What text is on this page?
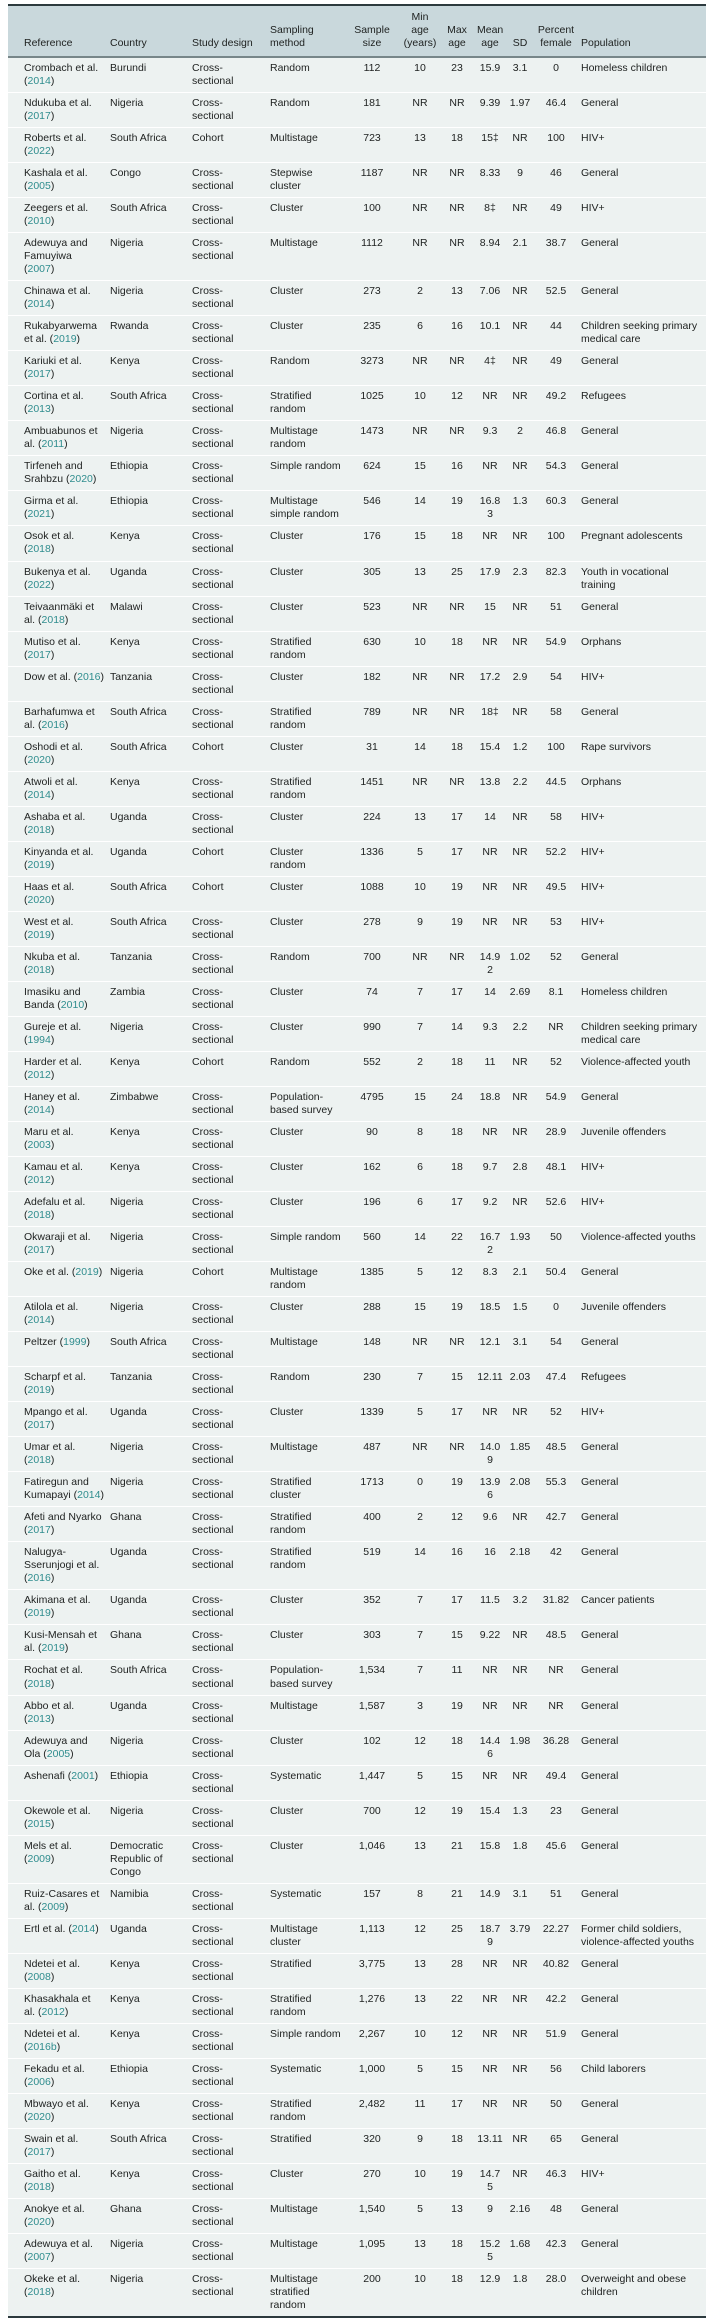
Reference	Country	Study design	Sampling method	Sample size	Min age (years)	Max age	Mean age	SD	Percent female	Population
Crombach et al. (2014)	Burundi	Cross-sectional	Random	112	10	23	15.9	3.1	0	Homeless children
Ndukuba et al. (2017)	Nigeria	Cross-sectional	Random	181	NR	NR	9.39	1.97	46.4	General
Roberts et al. (2022)	South Africa	Cohort	Multistage	723	13	18	15‡	NR	100	HIV+
Kashala et al. (2005)	Congo	Cross-sectional	Stepwise cluster	1187	NR	NR	8.33	9	46	General
Zeegers et al. (2010)	South Africa	Cross-sectional	Cluster	100	NR	NR	8‡	NR	49	HIV+
Adewuya and Famuyiwa (2007)	Nigeria	Cross-sectional	Multistage	1112	NR	NR	8.94	2.1	38.7	General
Chinawa et al. (2014)	Nigeria	Cross-sectional	Cluster	273	2	13	7.06	NR	52.5	General
Rukabyarwema et al. (2019)	Rwanda	Cross-sectional	Cluster	235	6	16	10.1	NR	44	Children seeking primary medical care
Kariuki et al. (2017)	Kenya	Cross-sectional	Random	3273	NR	NR	4‡	NR	49	General
Cortina et al. (2013)	South Africa	Cross-sectional	Stratified random	1025	10	12	NR	NR	49.2	Refugees
Ambuabunos et al. (2011)	Nigeria	Cross-sectional	Multistage random	1473	NR	NR	9.3	2	46.8	General
Tirfeneh and Srahbzu (2020)	Ethiopia	Cross-sectional	Simple random	624	15	16	NR	NR	54.3	General
Girma et al. (2021)	Ethiopia	Cross-sectional	Multistage simple random	546	14	19	16.83	1.3	60.3	General
Osok et al. (2018)	Kenya	Cross-sectional	Cluster	176	15	18	NR	NR	100	Pregnant adolescents
Bukenya et al. (2022)	Uganda	Cross-sectional	Cluster	305	13	25	17.9	2.3	82.3	Youth in vocational training
Teivaanmäki et al. (2018)	Malawi	Cross-sectional	Cluster	523	NR	NR	15	NR	51	General
Mutiso et al. (2017)	Kenya	Cross-sectional	Stratified random	630	10	18	NR	NR	54.9	Orphans
Dow et al. (2016)	Tanzania	Cross-sectional	Cluster	182	NR	NR	17.2	2.9	54	HIV+
Barhafumwa et al. (2016)	South Africa	Cross-sectional	Stratified random	789	NR	NR	18‡	NR	58	General
Oshodi et al. (2020)	South Africa	Cohort	Cluster	31	14	18	15.4	1.2	100	Rape survivors
Atwoli et al. (2014)	Kenya	Cross-sectional	Stratified random	1451	NR	NR	13.8	2.2	44.5	Orphans
Ashaba et al. (2018)	Uganda	Cross-sectional	Cluster	224	13	17	14	NR	58	HIV+
Kinyanda et al. (2019)	Uganda	Cohort	Cluster random	1336	5	17	NR	NR	52.2	HIV+
Haas et al. (2020)	South Africa	Cohort	Cluster	1088	10	19	NR	NR	49.5	HIV+
West et al. (2019)	South Africa	Cross-sectional	Cluster	278	9	19	NR	NR	53	HIV+
Nkuba et al. (2018)	Tanzania	Cross-sectional	Random	700	NR	NR	14.92	1.02	52	General
Imasiku and Banda (2010)	Zambia	Cross-sectional	Cluster	74	7	17	14	2.69	8.1	Homeless children
Gureje et al. (1994)	Nigeria	Cross-sectional	Cluster	990	7	14	9.3	2.2	NR	Children seeking primary medical care
Harder et al. (2012)	Kenya	Cohort	Random	552	2	18	11	NR	52	Violence-affected youth
Haney et al. (2014)	Zimbabwe	Cross-sectional	Population-based survey	4795	15	24	18.8	NR	54.9	General
Maru et al. (2003)	Kenya	Cross-sectional	Cluster	90	8	18	NR	NR	28.9	Juvenile offenders
Kamau et al. (2012)	Kenya	Cross-sectional	Cluster	162	6	18	9.7	2.8	48.1	HIV+
Adefalu et al. (2018)	Nigeria	Cross-sectional	Cluster	196	6	17	9.2	NR	52.6	HIV+
Okwaraji et al. (2017)	Nigeria	Cross-sectional	Simple random	560	14	22	16.72	1.93	50	Violence-affected youths
Oke et al. (2019)	Nigeria	Cohort	Multistage random	1385	5	12	8.3	2.1	50.4	General
Atilola et al. (2014)	Nigeria	Cross-sectional	Cluster	288	15	19	18.5	1.5	0	Juvenile offenders
Peltzer (1999)	South Africa	Cross-sectional	Multistage	148	NR	NR	12.1	3.1	54	General
Scharpf et al. (2019)	Tanzania	Cross-sectional	Random	230	7	15	12.11	2.03	47.4	Refugees
Mpango et al. (2017)	Uganda	Cross-sectional	Cluster	1339	5	17	NR	NR	52	HIV+
Umar et al. (2018)	Nigeria	Cross-sectional	Multistage	487	NR	NR	14.09	1.85	48.5	General
Fatiregun and Kumapayi (2014)	Nigeria	Cross-sectional	Stratified cluster	1713	0	19	13.96	2.08	55.3	General
Afeti and Nyarko (2017)	Ghana	Cross-sectional	Stratified random	400	2	12	9.6	NR	42.7	General
Nalugya-Sserunjogi et al. (2016)	Uganda	Cross-sectional	Stratified random	519	14	16	16	2.18	42	General
Akimana et al. (2019)	Uganda	Cross-sectional	Cluster	352	7	17	11.5	3.2	31.82	Cancer patients
Kusi-Mensah et al. (2019)	Ghana	Cross-sectional	Cluster	303	7	15	9.22	NR	48.5	General
Rochat et al. (2018)	South Africa	Cross-sectional	Population-based survey	1,534	7	11	NR	NR	NR	General
Abbo et al. (2013)	Uganda	Cross-sectional	Multistage	1,587	3	19	NR	NR	NR	General
Adewuya and Ola (2005)	Nigeria	Cross-sectional	Cluster	102	12	18	14.46	1.98	36.28	General
Ashenafi (2001)	Ethiopia	Cross-sectional	Systematic	1,447	5	15	NR	NR	49.4	General
Okewole et al. (2015)	Nigeria	Cross-sectional	Cluster	700	12	19	15.4	1.3	23	General
Mels et al. (2009)	Democratic Republic of Congo	Cross-sectional	Cluster	1,046	13	21	15.8	1.8	45.6	General
Ruiz-Casares et al. (2009)	Namibia	Cross-sectional	Systematic	157	8	21	14.9	3.1	51	General
Ertl et al. (2014)	Uganda	Cross-sectional	Multistage cluster	1,113	12	25	18.79	3.79	22.27	Former child soldiers, violence-affected youths
Ndetei et al. (2008)	Kenya	Cross-sectional	Stratified	3,775	13	28	NR	NR	40.82	General
Khasakhala et al. (2012)	Kenya	Cross-sectional	Stratified random	1,276	13	22	NR	NR	42.2	General
Ndetei et al. (2016b)	Kenya	Cross-sectional	Simple random	2,267	10	12	NR	NR	51.9	General
Fekadu et al. (2006)	Ethiopia	Cross-sectional	Systematic	1,000	5	15	NR	NR	56	Child laborers
Mbwayo et al. (2020)	Kenya	Cross-sectional	Stratified random	2,482	11	17	NR	NR	50	General
Swain et al. (2017)	South Africa	Cross-sectional	Stratified	320	9	18	13.11	NR	65	General
Gaitho et al. (2018)	Kenya	Cross-sectional	Cluster	270	10	19	14.75	NR	46.3	HIV+
Anokye et al. (2020)	Ghana	Cross-sectional	Multistage	1,540	5	13	9	2.16	48	General
Adewuya et al. (2007)	Nigeria	Cross-sectional	Multistage	1,095	13	18	15.25	1.68	42.3	General
Okeke et al. (2018)	Nigeria	Cross-sectional	Multistage stratified random	200	10	18	12.9	1.8	28.0	Overweight and obese children
